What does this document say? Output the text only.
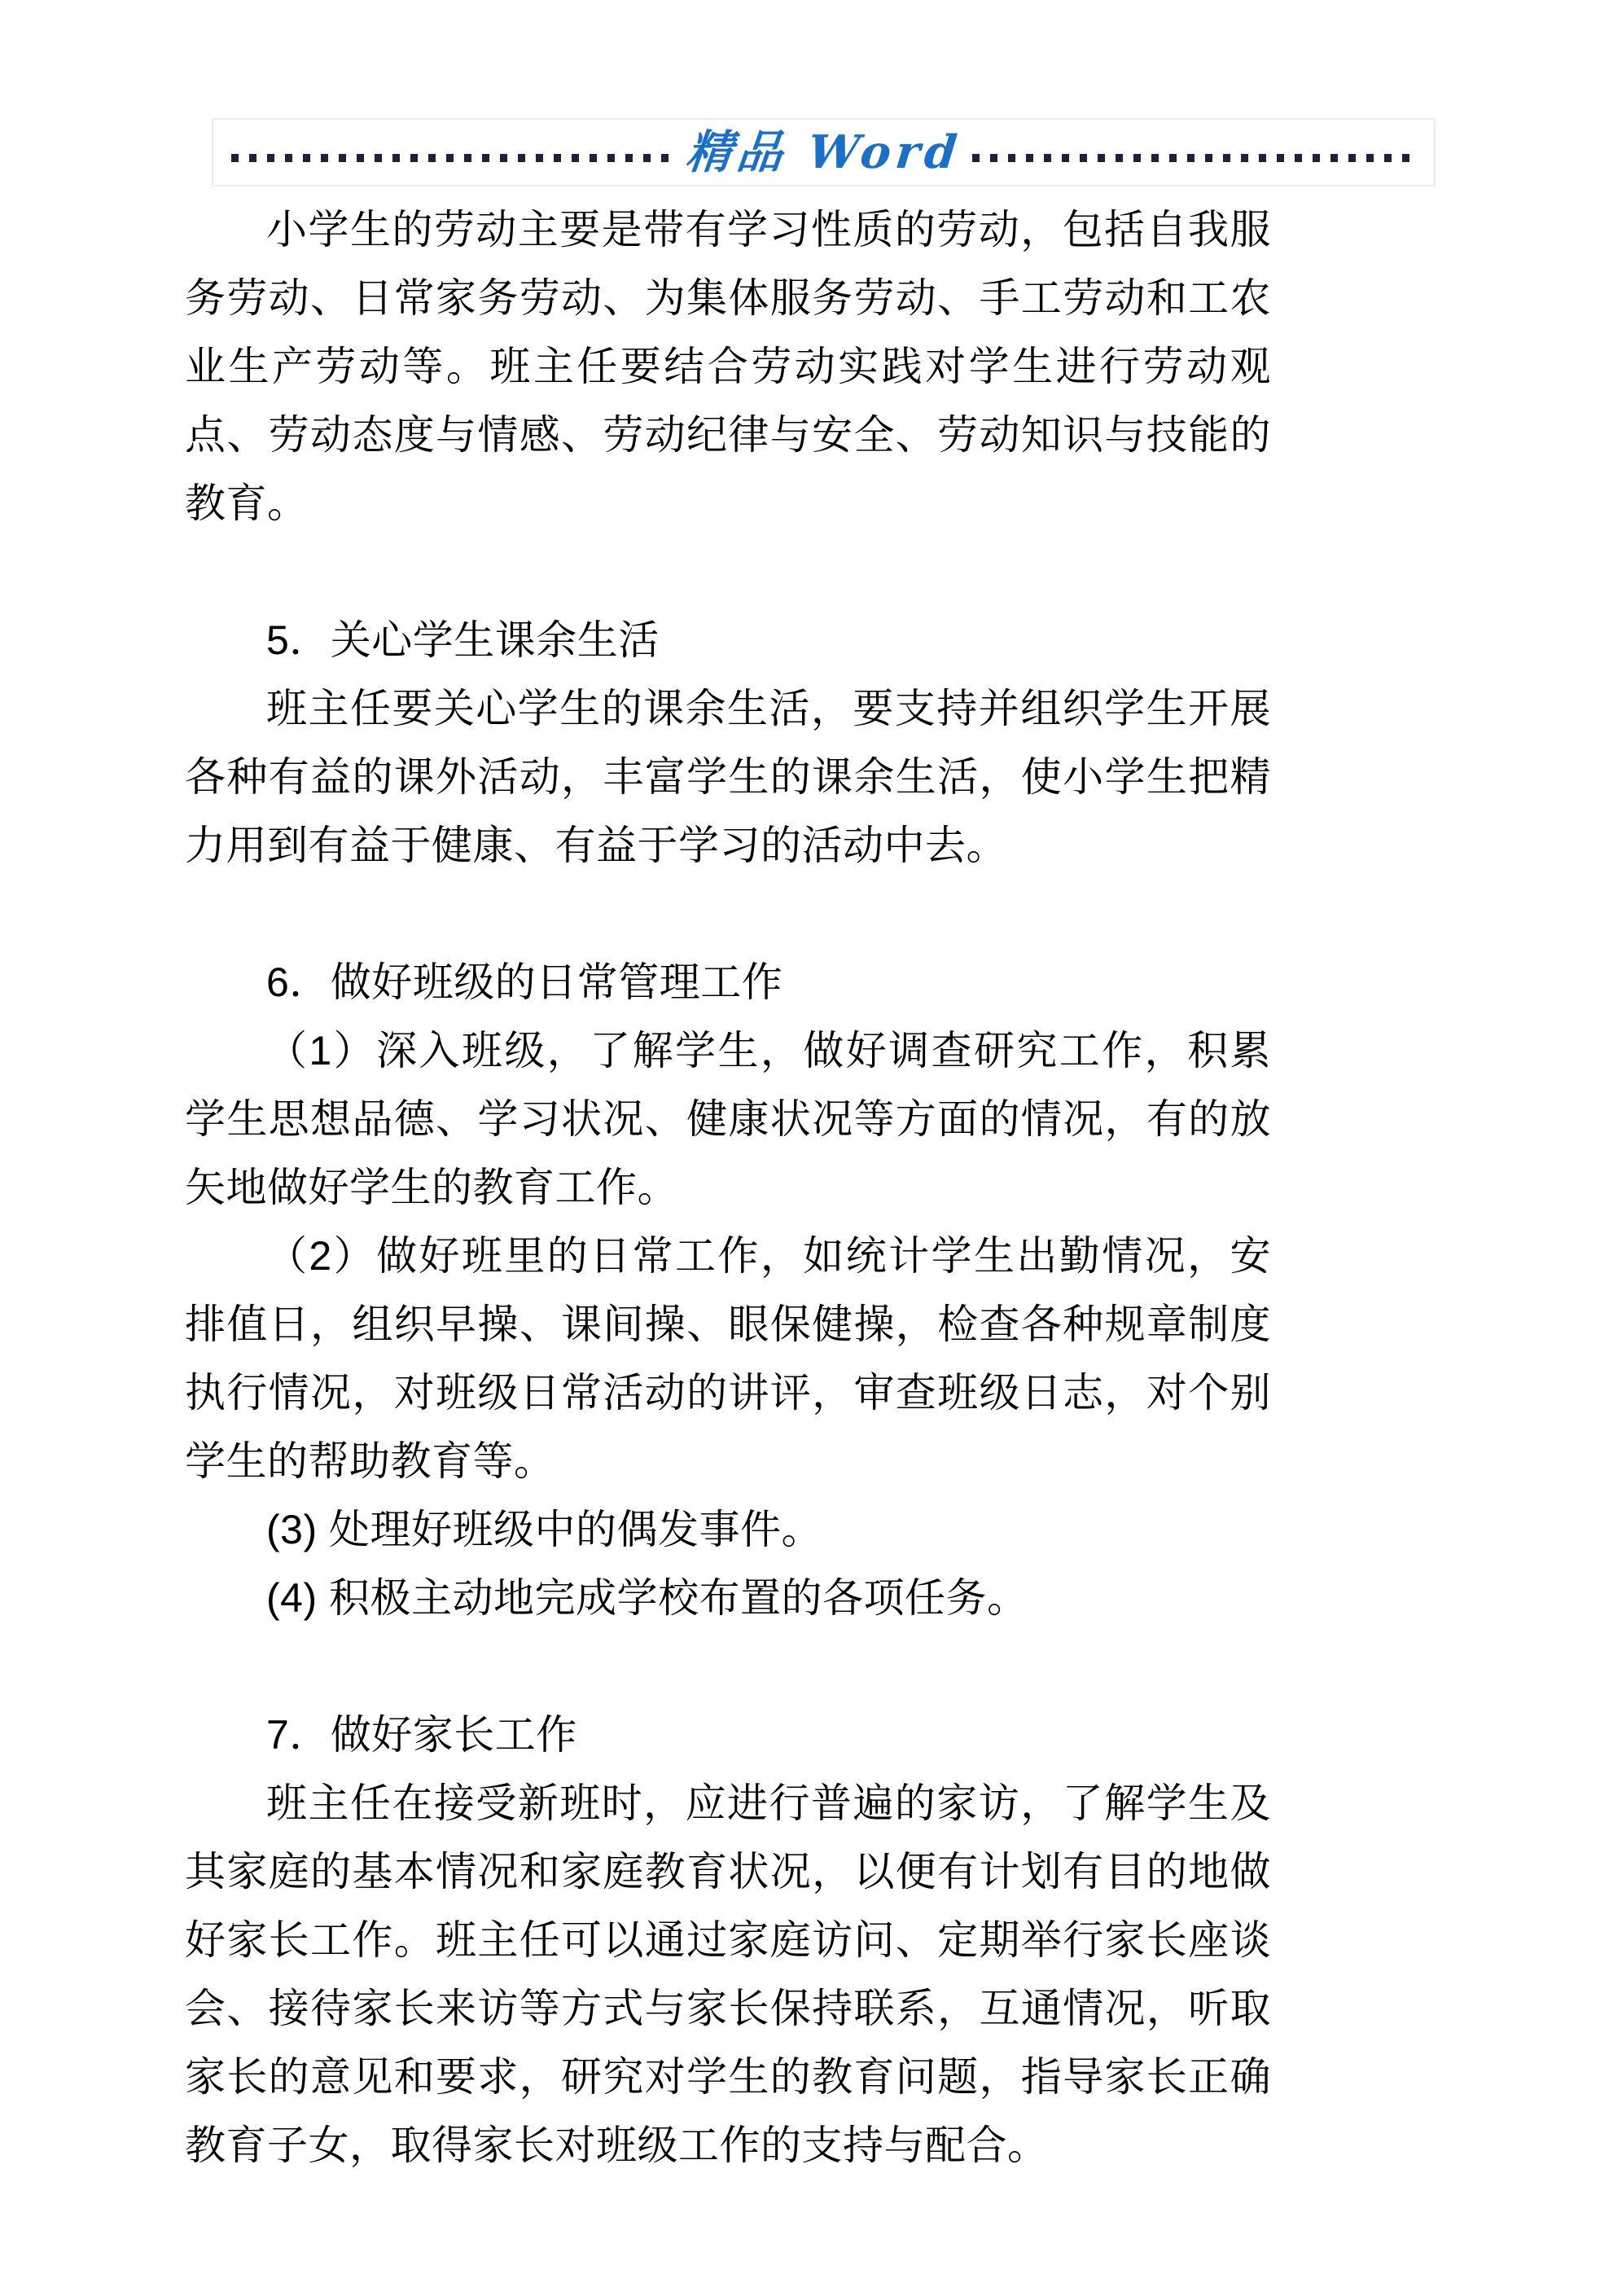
精品 Word

小学生的劳动主要是带有学习性质的劳动，包括自我服务劳动、日常家务劳动、为集体服务劳动、手工劳动和工农业生产劳动等。班主任要结合劳动实践对学生进行劳动观点、劳动态度与情感、劳动纪律与安全、劳动知识与技能的教育。

5．关心学生课余生活

班主任要关心学生的课余生活，要支持并组织学生开展各种有益的课外活动，丰富学生的课余生活，使小学生把精力用到有益于健康、有益于学习的活动中去。

6．做好班级的日常管理工作

（1）深入班级，了解学生，做好调查研究工作，积累学生思想品德、学习状况、健康状况等方面的情况，有的放矢地做好学生的教育工作。

（2）做好班里的日常工作，如统计学生出勤情况，安排值日，组织早操、课间操、眼保健操，检查各种规章制度执行情况，对班级日常活动的讲评，审查班级日志，对个别学生的帮助教育等。

(3) 处理好班级中的偶发事件。

(4) 积极主动地完成学校布置的各项任务。

7．做好家长工作

班主任在接受新班时，应进行普遍的家访，了解学生及其家庭的基本情况和家庭教育状况，以便有计划有目的地做好家长工作。班主任可以通过家庭访问、定期举行家长座谈会、接待家长来访等方式与家长保持联系，互通情况，听取家长的意见和要求，研究对学生的教育问题，指导家长正确教育子女，取得家长对班级工作的支持与配合。
